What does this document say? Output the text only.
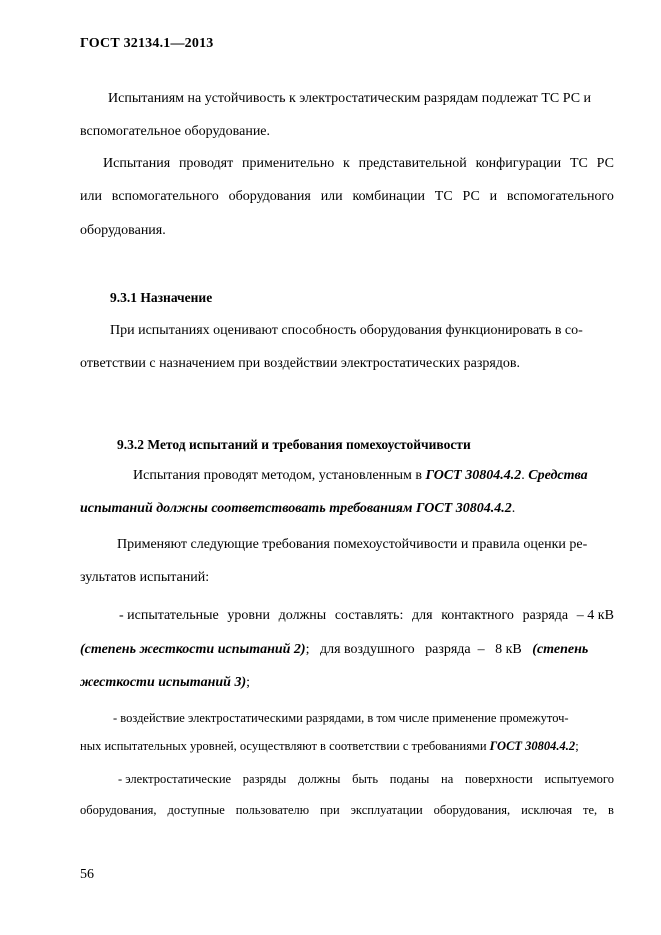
ГОСТ 32134.1—2013
Испытаниям на устойчивость к электростатическим разрядам подлежат ТС РС и
вспомогательное оборудование.
Испытания проводят применительно к представительной конфигурации ТС РС
или вспомогательного оборудования или комбинации ТС РС и вспомогательного
оборудования.
9.3.1 Назначение
При испытаниях оценивают способность оборудования функционировать в со-
ответствии с назначением при воздействии электростатических разрядов.
9.3.2 Метод испытаний и требования помехоустойчивости
Испытания проводят методом, установленным в ГОСТ 30804.4.2. Средства
испытаний должны соответствовать требованиям ГОСТ 30804.4.2.
Применяют следующие требования помехоустойчивости и правила оценки ре-
зультатов испытаний:
- испытательные уровни должны составлять: для контактного разряда – 4 кВ
(степень жесткости испытаний 2);   для воздушного   разряда  –   8 кВ   (степень
жесткости испытаний 3);
- воздействие электростатическими разрядами, в том числе применение промежуточ-
ных испытательных уровней, осуществляют в соответствии с требованиями ГОСТ 30804.4.2;
- электростатические разряды должны быть поданы на поверхности испытуемого
оборудования, доступные пользователю при эксплуатации оборудования, исключая те, в
56
